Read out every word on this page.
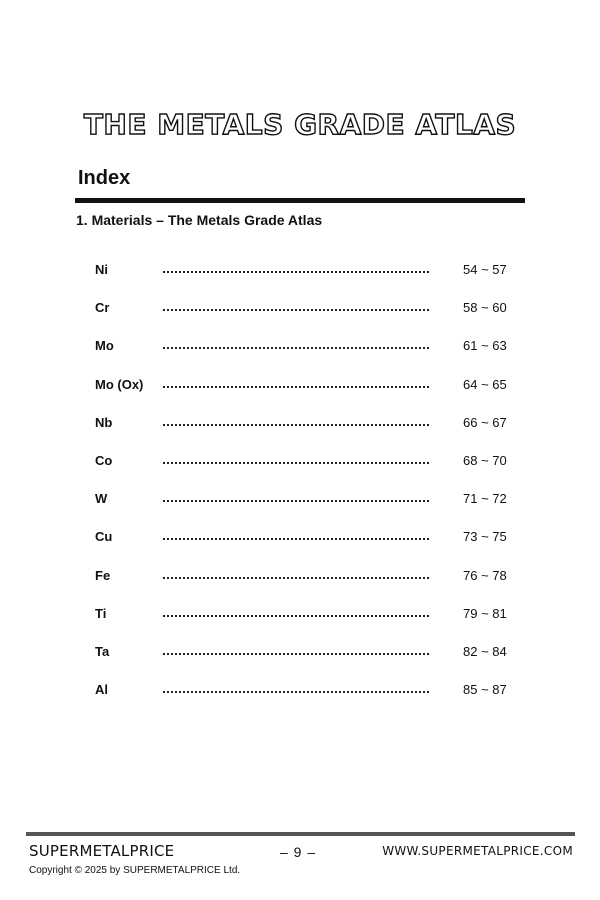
THE METALS GRADE ATLAS
Index
1. Materials – The Metals Grade Atlas
Ni	54 ~ 57
Cr	58 ~ 60
Mo	61 ~ 63
Mo (Ox)	64 ~ 65
Nb	66 ~ 67
Co	68 ~ 70
W	71 ~ 72
Cu	73 ~ 75
Fe	76 ~ 78
Ti	79 ~ 81
Ta	82 ~ 84
Al	85 ~ 87
SUPERMETALPRICE	– 9 –	WWW.SUPERMETALPRICE.COM
Copyright © 2025 by SUPERMETALPRICE Ltd.
